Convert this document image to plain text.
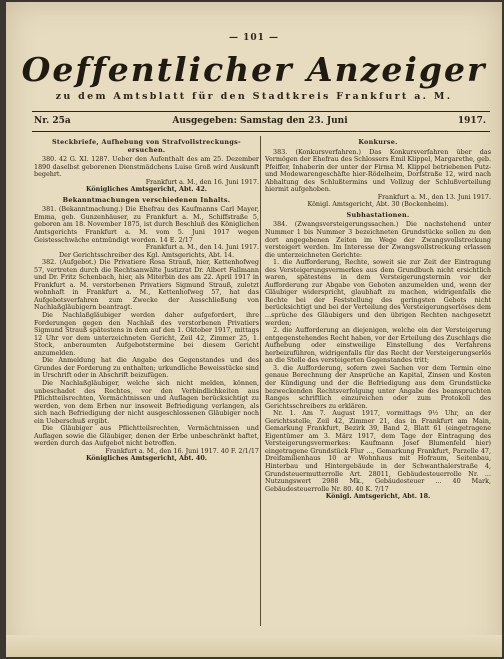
— 101 —
Oeffentlicher Anzeiger
zu dem Amtsblatt für den Stadtkreis Frankfurt a. M.
Nr. 25a	Ausgegeben: Samstag den 23. Juni	1917.

Steckbriefe, Aufhebung von Strafvollstreckungs-ersuchen.

380. 42 G. XI. 1287. Ueber den Aufenthalt des am 25. Dezember 1890 daselbst geborenen Dienstmädchens Luise Groß wird Auskunft begehrt.

Frankfurt a. M., den 16. Juni 1917.

Königliches Amtsgericht, Abt. 42.

Bekanntmachungen verschiedenen Inhalts.

381. (Bekanntmachung.) Die Ehefrau des Kaufmanns Carl Mayer, Emma, geb. Gunzenhäuser, zu Frankfurt a. M., Schiffstraße 5, geboren am 18. November 1875, ist durch Beschluß des Königlichen Amtsgerichts Frankfurt a. M. vom 5. Juni 1917 wegen Geistesschwäche entmündigt worden. 14 E. 2/17

Frankfurt a. M., den 14. Juni 1917.

Der Gerichtsschreiber des Kgl. Amtsgerichts, Abt. 14.

382. (Aufgebot.) Die Privatiere Rosa Strauß, hier, Kettenhofweg 57, vertreten durch die Rechtsanwälte Justizrat Dr. Albert Fallmann und Dr. Fritz Schenbach, hier, als Miterbin des am 22. April 1917 in Frankfurt a. M. verstorbenen Privatiers Sigmund Strauß, zuletzt wohnhaft in Frankfurt a. M., Kettenhofweg 57, hat das Aufgebotsverfahren zum Zwecke der Ausschließung von Nachlaßgläubigern beantragt.

Die Nachlaßgläubiger werden daher aufgefordert, ihre Forderungen gegen den Nachlaß des verstorbenen Privatiers Sigmund Strauß spätestens in dem auf den 1. Oktober 1917, mittags 12 Uhr vor dem unterzeichneten Gericht, Zeil 42, Zimmer 25, 1. Stock, anberaumten Aufgebotstermine bei diesem Gericht anzumelden.

Die Anmeldung hat die Angabe des Gegenstandes und des Grundes der Forderung zu enthalten; urkundliche Beweisstücke sind in Urschrift oder in Abschrift beizufügen.

Die Nachlaßgläubiger, welche sich nicht melden, können, unbeschadet des Rechtes, vor den Verbindlichkeiten aus Pflichtteilsrechten, Vermächtnissen und Auflagen berücksichtigt zu werden, von dem Erben nur insoweit Befriedigung verlangen, als sich nach Befriedigung der nicht ausgeschlossenen Gläubiger noch ein Ueberschuß ergibt.

Die Gläubiger aus Pflichtteilsrechten, Vermächtnissen und Auflagen sowie die Gläubiger, denen der Erbe unbeschränkt haftet, werden durch das Aufgebot nicht betroffen.

Frankfurt a. M., den 16. Juni 1917. 40 F. 2/1/17

Königliches Amtsgericht, Abt. 40.

Konkurse.

383. (Konkursverfahren.) Das Konkursverfahren über das Vermögen der Ehefrau des Schlossers Emil Klippel, Margarethe, geb. Pfeiffer, Inhaberin der unter der Firma M. Klippel betriebenen Putz- und Modewarengeschäfte hier-Rödelheim, Dorfstraße 12, wird nach Abhaltung des Schlußtermins und Vollzug der Schlußverteilung hiermit aufgehoben.

Frankfurt a. M., den 13. Juni 1917.

Königl. Amtsgericht, Abt. 30 (Bockenheim).

Subhastationen.

384. (Zwangsversteigerungssachen.) Die nachstehend unter Nummer 1 bis Nummer 3 bezeichneten Grundstücke sollen zu den dort angegebenen Zeiten im Wege der Zwangsvollstreckung versteigert werden. Im Interesse der Zwangsvollstreckung erlassen die unterzeichneten Gerichte:

1. die Aufforderung, Rechte, soweit sie zur Zeit der Eintragung des Versteigerungsvermerkes aus dem Grundbuch nicht ersichtlich waren, spätestens in dem Versteigerungstermin vor der Aufforderung zur Abgabe von Geboten anzumelden und, wenn der Gläubiger widerspricht, glaubhaft zu machen, widrigenfalls die Rechte bei der Feststellung des geringsten Gebots nicht berücksichtigt und bei der Verteilung des Versteigerungserlöses dem ...sprüche des Gläubigers und den übrigen Rechten nachgesetzt werden;

2. die Aufforderung an diejenigen, welche ein der Versteigerung entgegenstehendes Recht haben, vor der Erteilung des Zuschlags die Aufhebung oder einstweilige Einstellung des Verfahrens herbeizuführen, widrigenfalls für das Recht der Versteigerungserlös an die Stelle des versteigerten Gegenstandes tritt;

3. die Aufforderung, sofern zwei Sachen vor dem Termin eine genaue Berechnung der Ansprüche an Kapital, Zinsen und Kosten der Kündigung und der die Befriedigung aus dem Grundstücke bezweckenden Rechtsverfolgung unter Angabe des beanspruchten Ranges schriftlich einzureichen oder zum Protokoll des Gerichtsschreibers zu erklären.

Nr. 1. Am 7. August 1917, vormittags 9½ Uhr, an der Gerichtsstelle, Zeil 42, Zimmer 21, das in Frankfurt am Main, Gemarkung Frankfurt, Bezirk 39, Band 2, Blatt 61 (eingetragene Eigentümer am 3. März 1917, dem Tage der Eintragung des Versteigerungsvermerkes: Kaufmann Josef Blumenfeld hier) eingetragene Grundstück Flur ..., Gemarkung Frankfurt, Parzelle 47, Dreifamilienhaus 10 ar Wohnhaus mit Hofraum, Seitenbau, Hinterbau und Hintergebäude in der Schwanthalerstraße 4, Grundsteuermutterrolle Art. 28011, Gebäudesteuerrolle Nr. ... Nutzungswert 2988 Mk., Gebäudesteuer ... 40 Mark, Gebäudesteuerrolle Nr. 80. 40 K. 7/17

Königl. Amtsgericht, Abt. 18.
